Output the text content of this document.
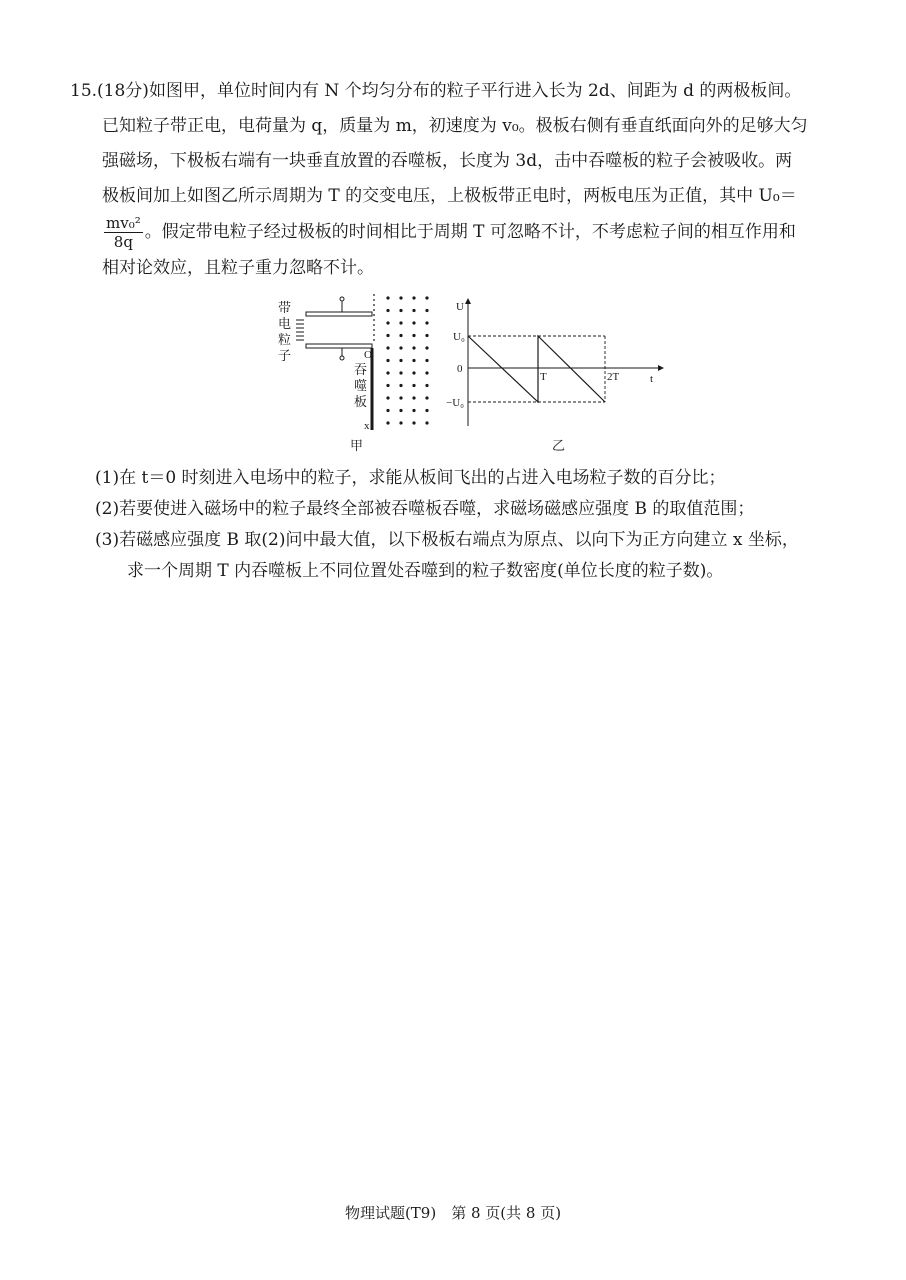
15.(18分)如图甲，单位时间内有 N 个均匀分布的粒子平行进入长为 2d、间距为 d 的两极板间。
已知粒子带正电，电荷量为 q，质量为 m，初速度为 v₀。极板右侧有垂直纸面向外的足够大匀
强磁场，下极板右端有一块垂直放置的吞噬板，长度为 3d，击中吞噬板的粒子会被吸收。两
极板间加上如图乙所示周期为 T 的交变电压，上极板带正电时，两板电压为正值，其中 U₀＝
$\frac{\text{mv₀²}}{8q}$ 。假定带电粒子经过极板的时间相比于周期 T 可忽略不计，不考虑粒子间的相互作用和
相对论效应，且粒子重力忽略不计。
带
电
粒
子	O
吞
噬
板
x
甲
U
U₀
0
−U₀
T	2T	t
乙
(1)在 t＝0 时刻进入电场中的粒子，求能从板间飞出的占进入电场粒子数的百分比；
(2)若要使进入磁场中的粒子最终全部被吞噬板吞噬，求磁场磁感应强度 B 的取值范围；
(3)若磁感应强度 B 取(2)问中最大值，以下极板右端点为原点、以向下为正方向建立 x 坐标，
求一个周期 T 内吞噬板上不同位置处吞噬到的粒子数密度(单位长度的粒子数)。
物理试题(T9)　第 8 页(共 8 页)
